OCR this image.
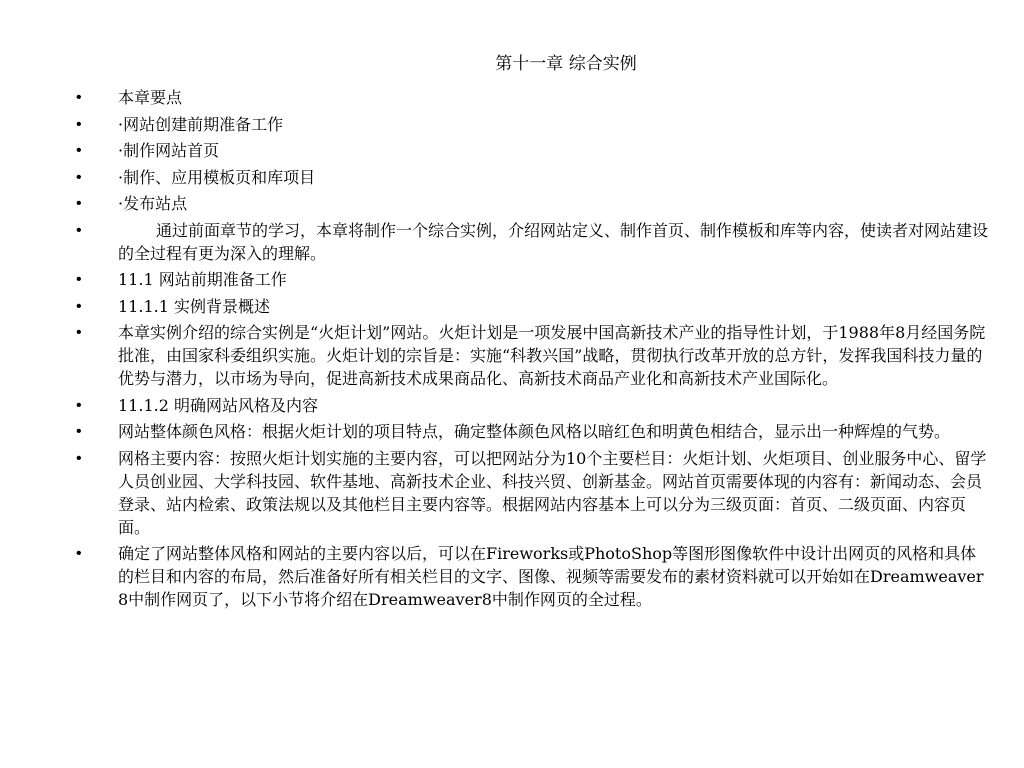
第十一章 综合实例
•	本章要点
•	·网站创建前期准备工作
•	·制作网站首页
•	·制作、应用模板页和库项目
•	·发布站点
•	通过前面章节的学习，本章将制作一个综合实例，介绍网站定义、制作首页、制作模板和库等内容，使读者对网站建设的全过程有更为深入的理解。
•	11.1 网站前期准备工作
•	11.1.1 实例背景概述
•	本章实例介绍的综合实例是“火炬计划”网站。火炬计划是一项发展中国高新技术产业的指导性计划，于1988年8月经国务院批准，由国家科委组织实施。火炬计划的宗旨是：实施“科教兴国”战略，贯彻执行改革开放的总方针，发挥我国科技力量的优势与潜力，以市场为导向，促进高新技术成果商品化、高新技术商品产业化和高新技术产业国际化。
•	11.1.2 明确网站风格及内容
•	网站整体颜色风格：根据火炬计划的项目特点，确定整体颜色风格以暗红色和明黄色相结合，显示出一种辉煌的气势。
•	网格主要内容：按照火炬计划实施的主要内容，可以把网站分为10个主要栏目：火炬计划、火炬项目、创业服务中心、留学人员创业园、大学科技园、软件基地、高新技术企业、科技兴贸、创新基金。网站首页需要体现的内容有：新闻动态、会员登录、站内检索、政策法规以及其他栏目主要内容等。根据网站内容基本上可以分为三级页面：首页、二级页面、内容页面。
•	确定了网站整体风格和网站的主要内容以后，可以在Fireworks或PhotoShop等图形图像软件中设计出网页的风格和具体的栏目和内容的布局，然后准备好所有相关栏目的文字、图像、视频等需要发布的素材资料就可以开始如在Dreamweaver8中制作网页了，以下小节将介绍在Dreamweaver8中制作网页的全过程。
